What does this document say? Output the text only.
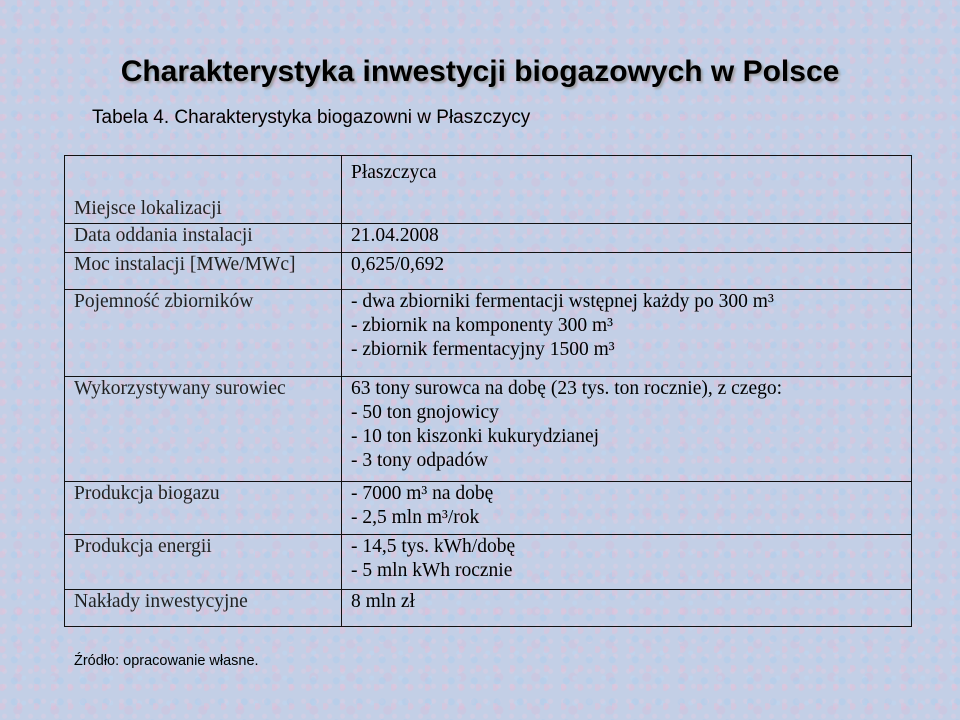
Charakterystyka inwestycji biogazowych w Polsce
Tabela 4. Charakterystyka biogazowni w Płaszczycy
Miejsce lokalizacji	Płaszczyca

Data oddania instalacji	21.04.2008

Moc instalacji [MWe/MWc]	0,625/0,692

Pojemność zbiorników	- dwa zbiorniki fermentacji wstępnej każdy po 300 m³
- zbiornik na komponenty 300 m³
- zbiornik fermentacyjny 1500 m³

Wykorzystywany surowiec	63 tony surowca na dobę (23 tys. ton rocznie), z czego:
- 50 ton gnojowicy
- 10 ton kiszonki kukurydzianej
- 3 tony odpadów

Produkcja biogazu	- 7000 m³ na dobę
- 2,5 mln m³/rok

Produkcja energii	- 14,5 tys. kWh/dobę
- 5 mln kWh rocznie

Nakłady inwestycyjne	8 mln zł
Źródło: opracowanie własne.
